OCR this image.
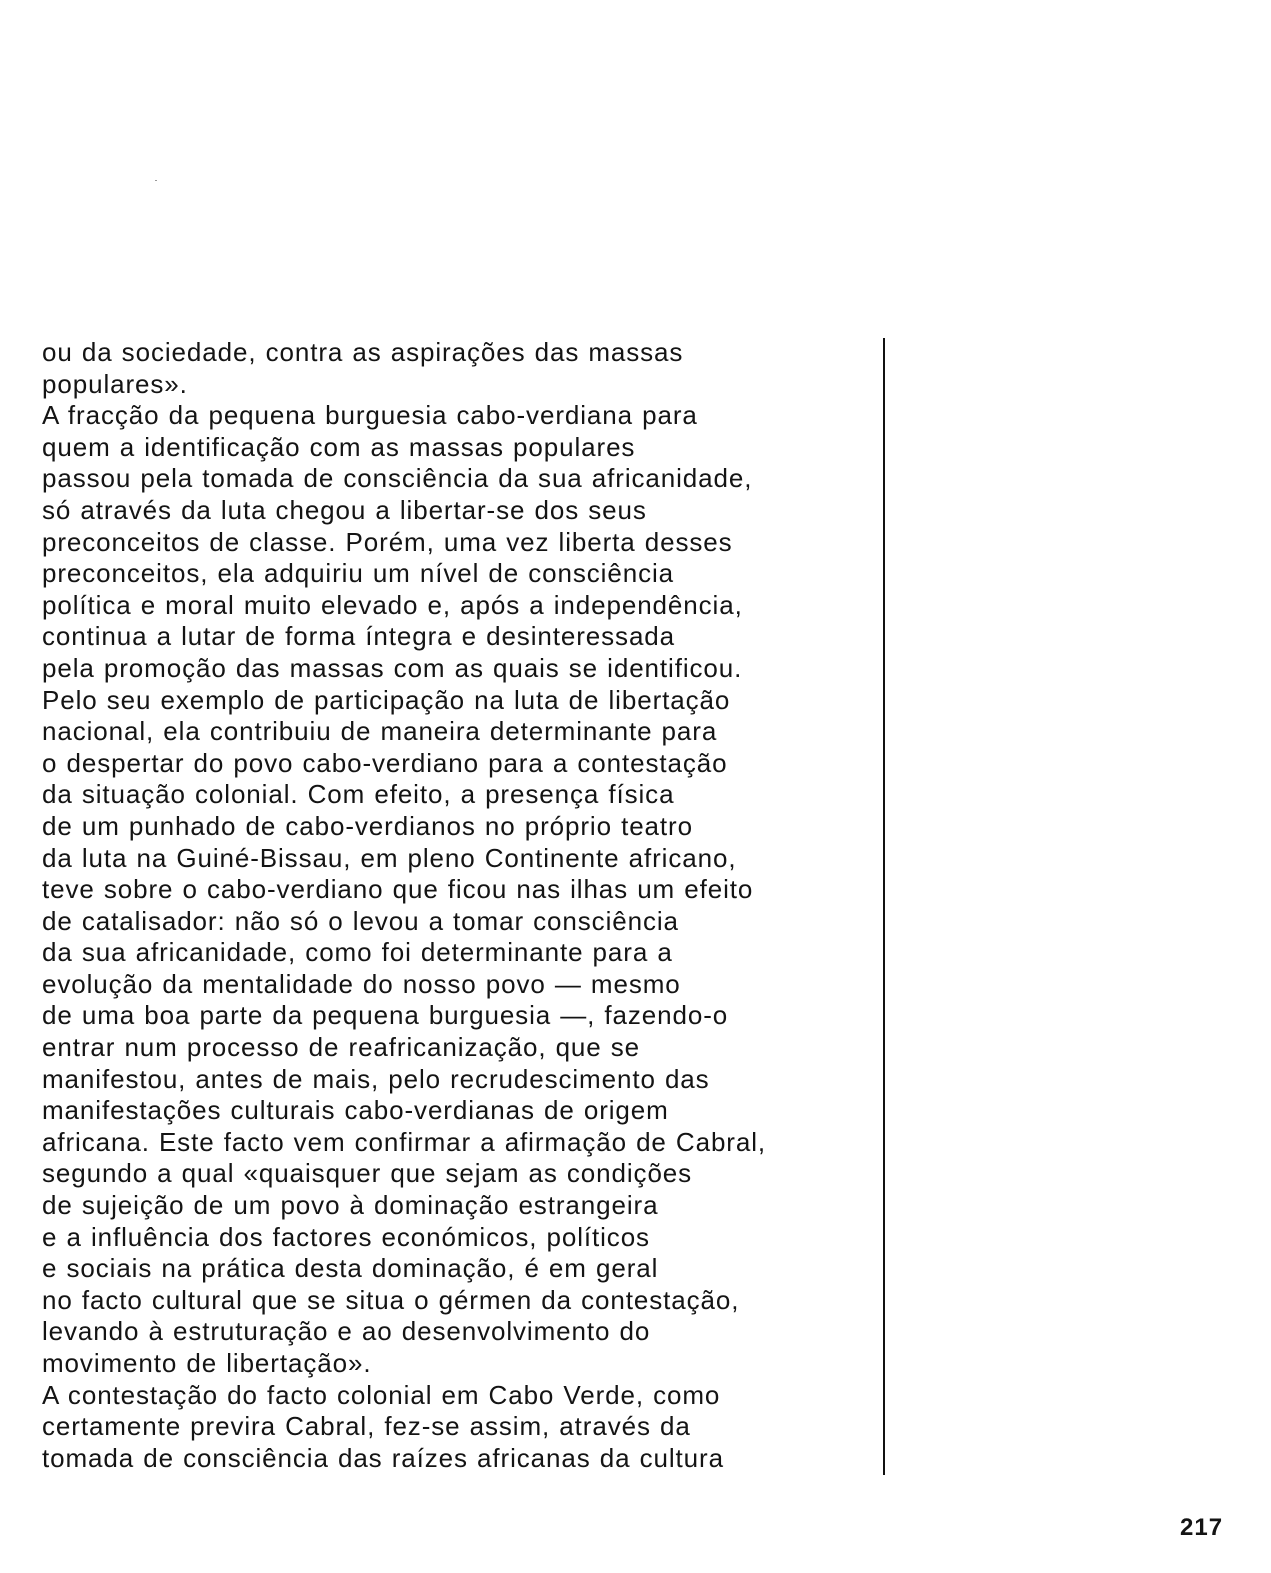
ou da sociedade, contra as aspirações das massas
populares».
A fracção da pequena burguesia cabo-verdiana para
quem a identificação com as massas populares
passou pela tomada de consciência da sua africanidade,
só através da luta chegou a libertar-se dos seus
preconceitos de classe. Porém, uma vez liberta desses
preconceitos, ela adquiriu um nível de consciência
política e moral muito elevado e, após a independência,
continua a lutar de forma íntegra e desinteressada
pela promoção das massas com as quais se identificou.
Pelo seu exemplo de participação na luta de libertação
nacional, ela contribuiu de maneira determinante para
o despertar do povo cabo-verdiano para a contestação
da situação colonial. Com efeito, a presença física
de um punhado de cabo-verdianos no próprio teatro
da luta na Guiné-Bissau, em pleno Continente africano,
teve sobre o cabo-verdiano que ficou nas ilhas um efeito
de catalisador: não só o levou a tomar consciência
da sua africanidade, como foi determinante para a
evolução da mentalidade do nosso povo — mesmo
de uma boa parte da pequena burguesia —, fazendo-o
entrar num processo de reafricanização, que se
manifestou, antes de mais, pelo recrudescimento das
manifestações culturais cabo-verdianas de origem
africana. Este facto vem confirmar a afirmação de Cabral,
segundo a qual «quaisquer que sejam as condições
de sujeição de um povo à dominação estrangeira
e a influência dos factores económicos, políticos
e sociais na prática desta dominação, é em geral
no facto cultural que se situa o gérmen da contestação,
levando à estruturação e ao desenvolvimento do
movimento de libertação».
A contestação do facto colonial em Cabo Verde, como
certamente previra Cabral, fez-se assim, através da
tomada de consciência das raízes africanas da cultura
217
